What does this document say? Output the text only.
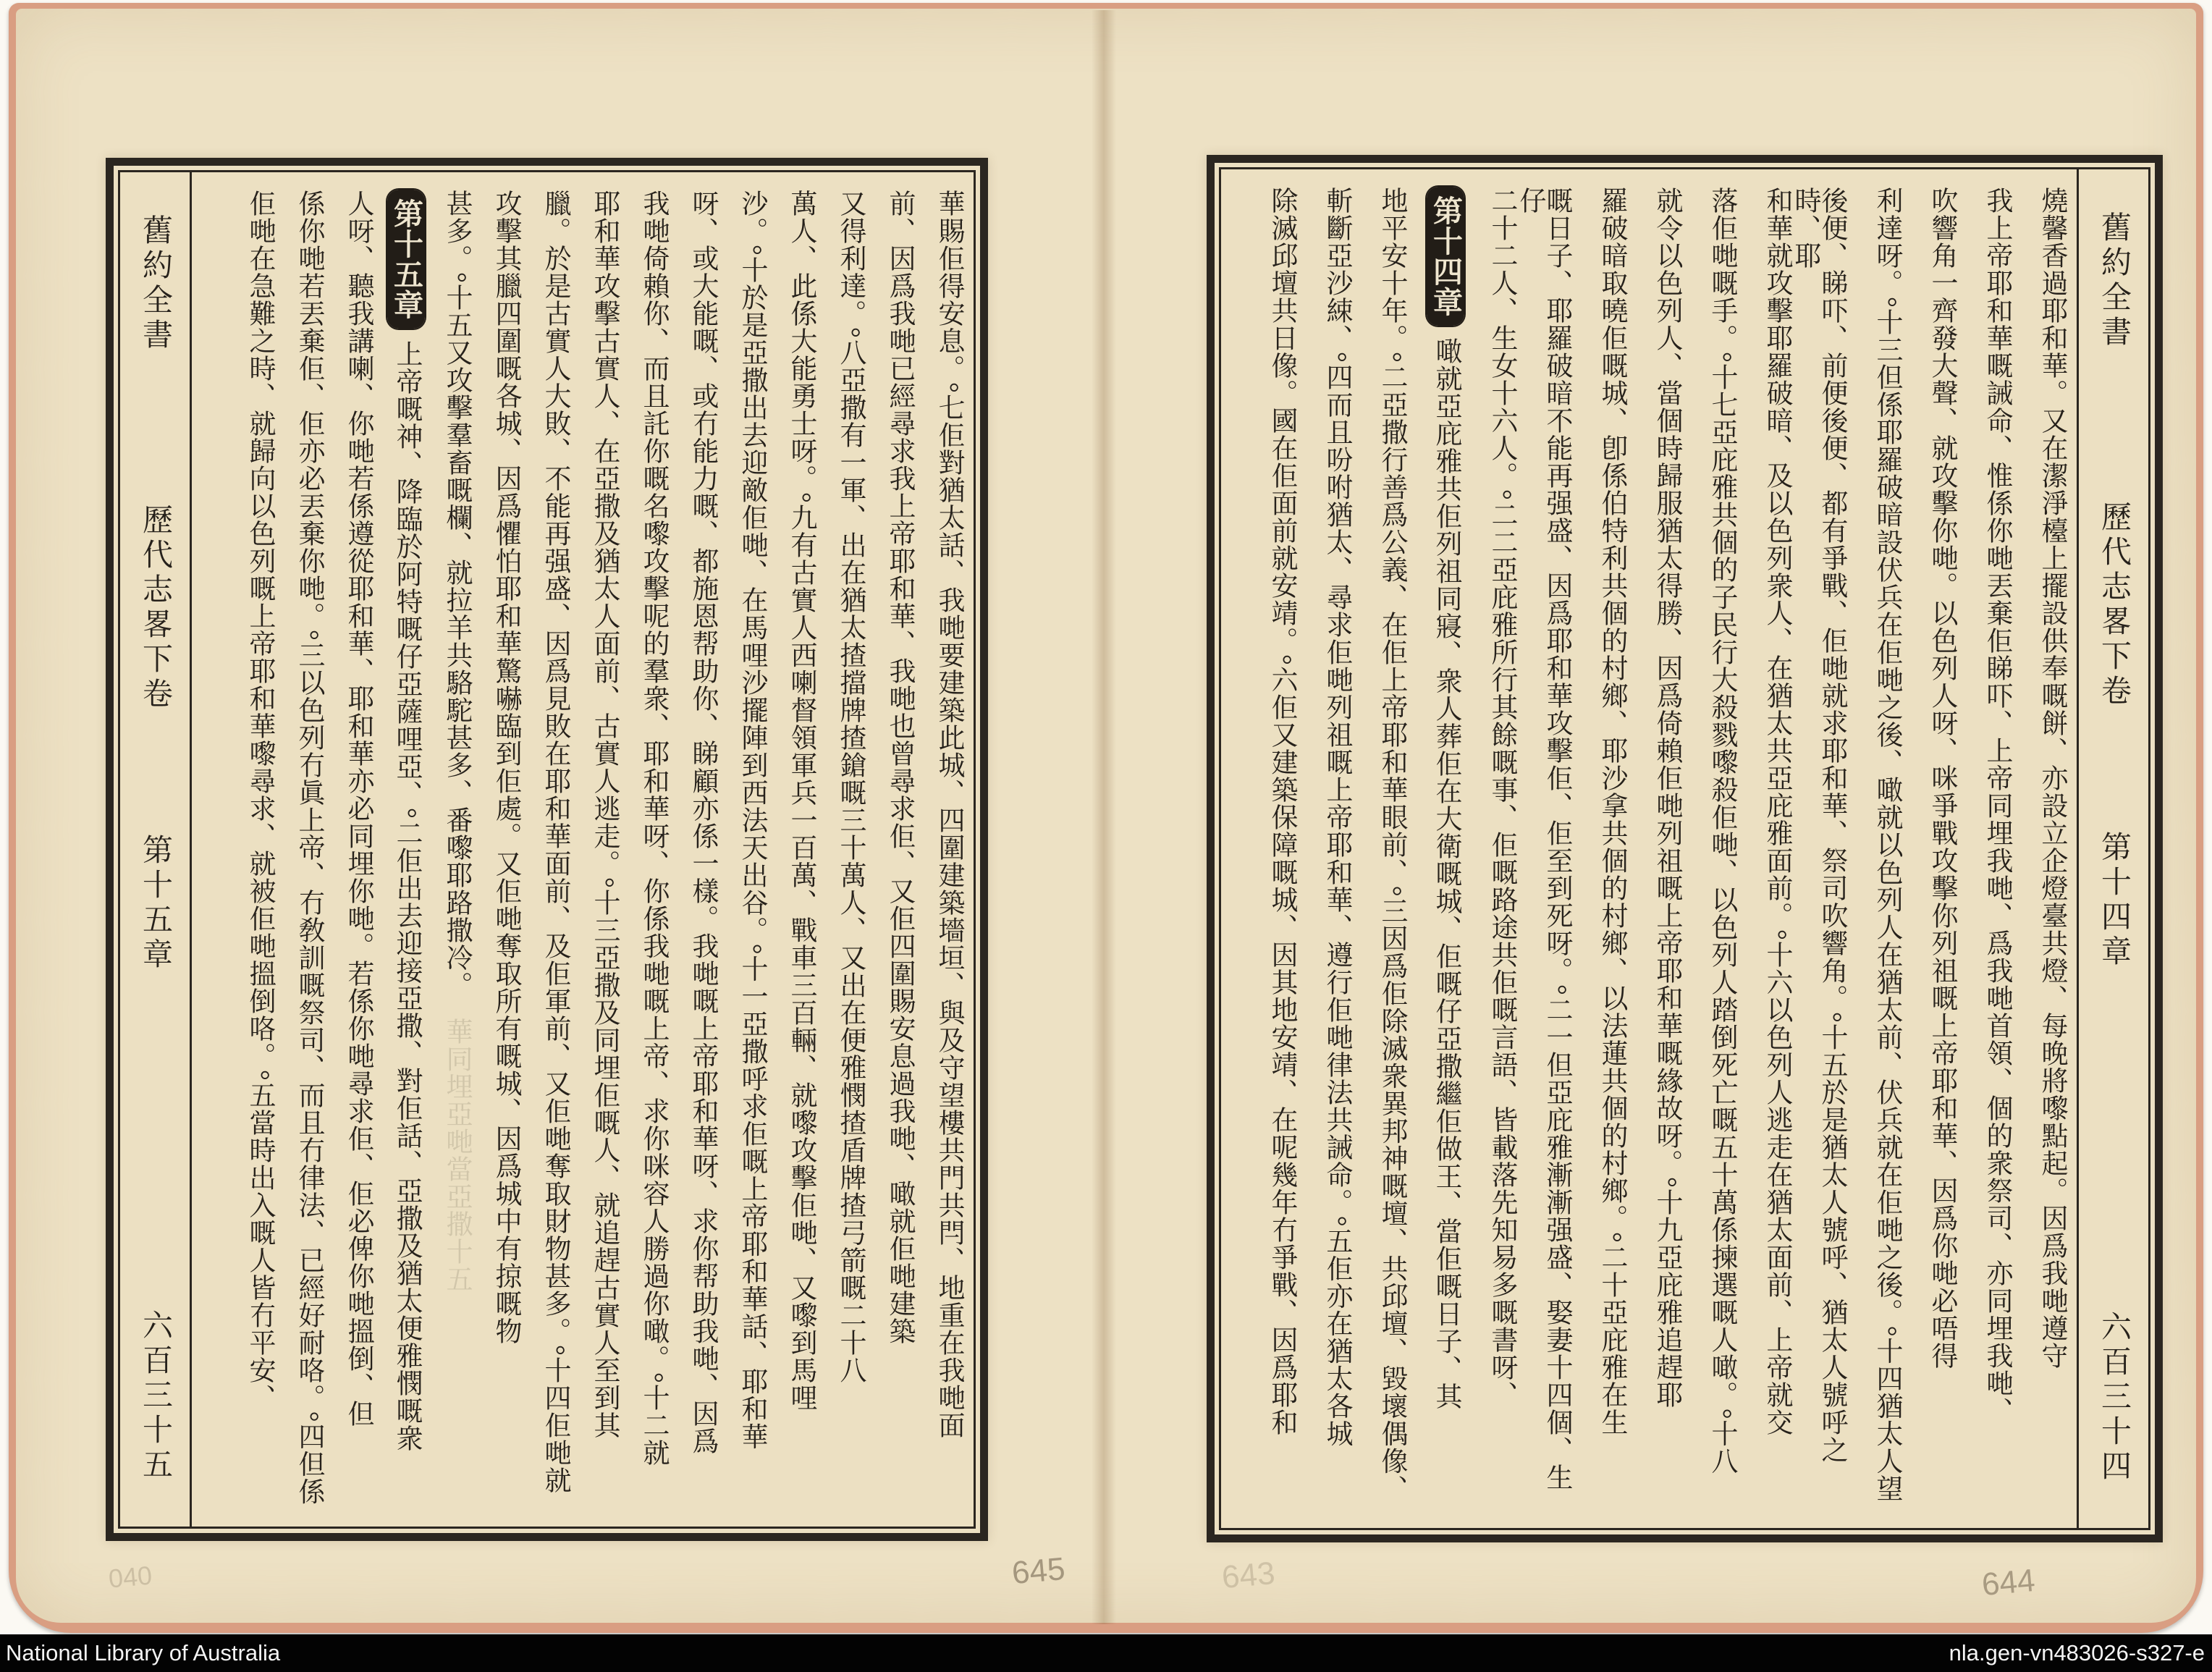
燒馨香過耶和華。又在潔淨檯上擺設供奉嘅餅、亦設立企燈臺共燈、每晚將嚟點起。因爲我哋遵守
我上帝耶和華嘅誡命、惟係你哋丟棄佢睇吓、上帝同埋我哋、爲我哋首領、個的衆祭司、亦同埋我哋、
吹響角一齊發大聲、就攻擊你哋。以色列人呀、咪爭戰攻擊你列祖嘅上帝耶和華、因爲你哋必唔得
利達呀。°十三但係耶羅破暗設伏兵在佢哋之後、噉就以色列人在猶太前、伏兵就在佢哋之後。°十四猶太人望
後便、睇吓、前便後便、都有爭戰、佢哋就求耶和華、祭司吹響角。°十五於是猶太人號呼、猶太人號呼之時、耶
和華就攻擊耶羅破暗、及以色列衆人、在猶太共亞庇雅面前。°十六以色列人逃走在猶太面前、上帝就交
落佢哋嘅手。°十七亞庇雅共個的子民行大殺戮嚟殺佢哋、以色列人踏倒死亡嘅五十萬係揀選嘅人噉。°十八
就令以色列人、當個時歸服猶太得勝、因爲倚賴佢哋列祖嘅上帝耶和華嘅緣故呀。°十九亞庇雅追趕耶
羅破暗取曉佢嘅城、卽係伯特利共個的村鄉、耶沙拿共個的村鄉、以法蓮共個的村鄉。°二十亞庇雅在生
嘅日子、耶羅破暗不能再强盛、因爲耶和華攻擊佢、佢至到死呀。°二一但亞庇雅漸漸强盛、娶妻十四個、生仔
二十二人、生女十六人。°二二亞庇雅所行其餘嘅事、佢嘅路途共佢嘅言語、皆載落先知易多嘅書呀、
第十四章噉就亞庇雅共佢列祖同寢、衆人葬佢在大衛嘅城、佢嘅仔亞撒繼佢做王、當佢嘅日子、其
地平安十年。°二亞撒行善爲公義、在佢上帝耶和華眼前、°三因爲佢除滅衆異邦神嘅壇、共邱壇、毀壞偶像、
斬斷亞沙綀、°四而且吩咐猶太、尋求佢哋列祖嘅上帝耶和華、遵行佢哋律法共誡命。°五佢亦在猶太各城
除滅邱壇共日像。國在佢面前就安靖。°六佢又建築保障嘅城、因其地安靖、在呢幾年冇爭戰、因爲耶和	舊約全書
歷代志畧下卷
第十四章
六百三十四
舊約全書
歷代志畧下卷
第十五章
六百三十五	華賜佢得安息。°七佢對猶太話、我哋要建築此城、四圍建築墻垣、與及守望樓共門共閂、地重在我哋面
前、因爲我哋已經尋求我上帝耶和華、我哋也曾尋求佢、又佢四圍賜安息過我哋、噉就佢哋建築
又得利達。°八亞撒有一軍、出在猶太揸擋牌揸鎗嘅三十萬人、又出在便雅憫揸盾牌揸弓箭嘅二十八
萬人、此係大能勇士呀。°九有古實人西喇督領軍兵一百萬、戰車三百輛、就嚟攻擊佢哋、又嚟到馬哩
沙。°十於是亞撒出去迎敵佢哋、在馬哩沙擺陣到西法天出谷。°十一亞撒呼求佢嘅上帝耶和華話、耶和華
呀、或大能嘅、或冇能力嘅、都施恩帮助你、睇顧亦係一樣。我哋嘅上帝耶和華呀、求你帮助我哋、因爲
我哋倚賴你、而且託你嘅名嚟攻擊呢的羣衆、耶和華呀、你係我哋嘅上帝、求你咪容人勝過你噉。°十二就
耶和華攻擊古實人、在亞撒及猶太人面前、古實人逃走。°十三亞撒及同埋佢嘅人、就追趕古實人至到其
臘。於是古實人大敗、不能再强盛、因爲見敗在耶和華面前、及佢軍前、又佢哋奪取財物甚多。°十四佢哋就
攻擊其臘四圍嘅各城、因爲懼怕耶和華驚嚇臨到佢處。又佢哋奪取所有嘅城、因爲城中有掠嘅物
甚多。°十五又攻擊羣畜嘅欄、就拉羊共駱駝甚多、番嚟耶路撒冷。華同埋亞哋當亞撒十五
第十五章上帝嘅神、降臨於阿特嘅仔亞薩哩亞、°二佢出去迎接亞撒、對佢話、亞撒及猶太便雅憫嘅衆
人呀、聽我講喇、你哋若係遵從耶和華、耶和華亦必同埋你哋。若係你哋尋求佢、佢必俾你哋搵倒、但
係你哋若丟棄佢、佢亦必丟棄你哋。°三以色列冇眞上帝、冇敎訓嘅祭司、而且冇律法、已經好耐咯。°四但係
佢哋在急難之時、就歸向以色列嘅上帝耶和華嚟尋求、就被佢哋搵倒咯。°五當時出入嘅人皆冇平安、
040	645	643	644
National Library of Australia	nla.gen-vn483026-s327-e
